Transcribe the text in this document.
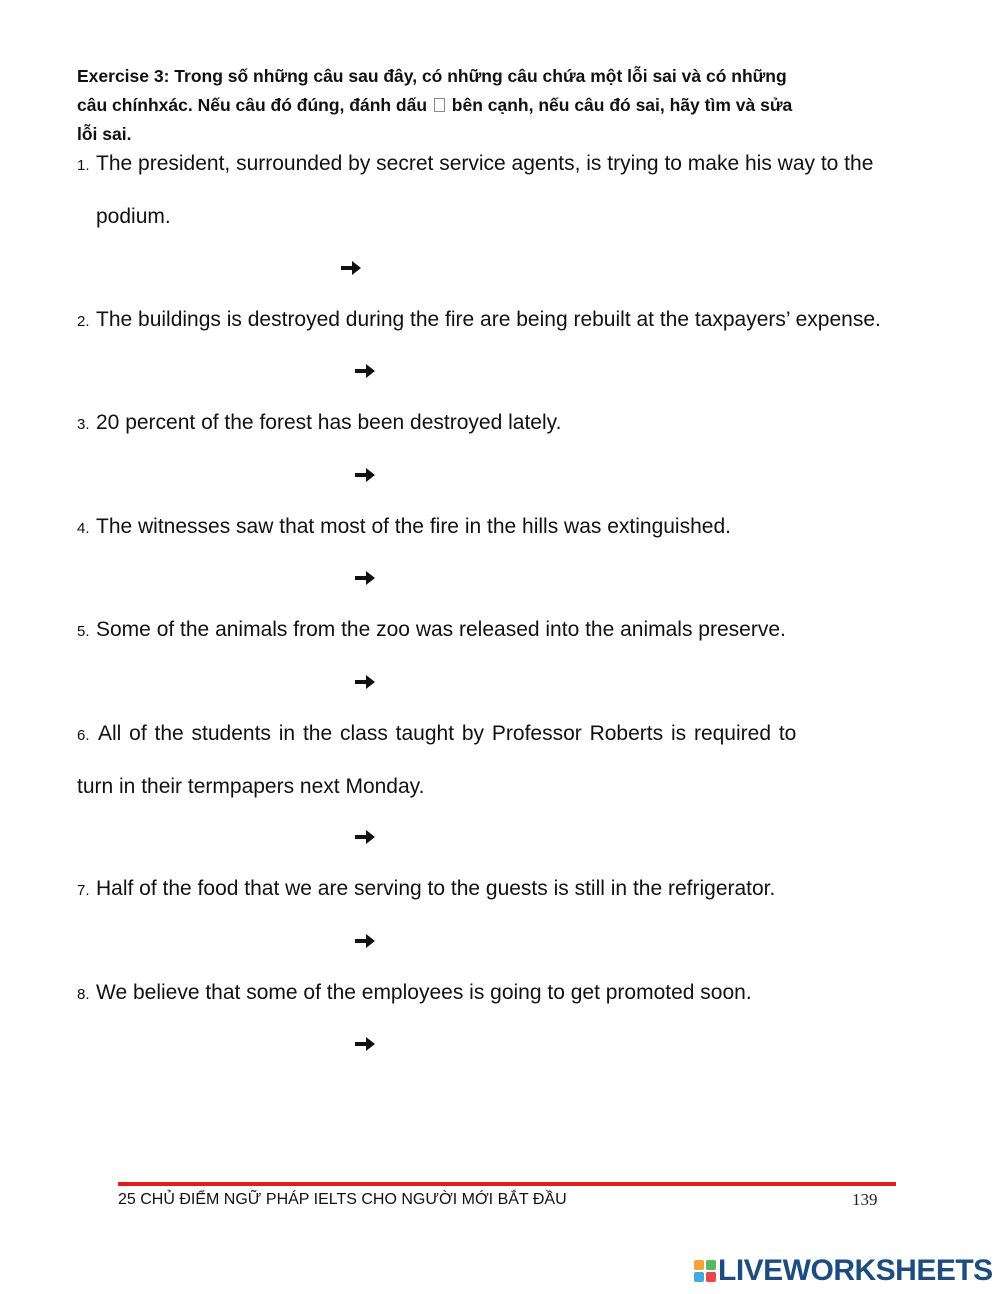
Exercise 3: Trong số những câu sau đây, có những câu chứa một lỗi sai và có những
câu chínhxác. Nếu câu đó đúng, đánh dấu bên cạnh, nếu câu đó sai, hãy tìm và sửa
lỗi sai.
1. The president, surrounded by secret service agents, is trying to make his way to the
podium.
2. The buildings is destroyed during the fire are being rebuilt at the taxpayers’ expense.
3. 20 percent of the forest has been destroyed lately.
4. The witnesses saw that most of the fire in the hills was extinguished.
5. Some of the animals from the zoo was released into the animals preserve.
6. All of the students in the class taught by Professor Roberts is required to
turn in their termpapers next Monday.
7. Half of the food that we are serving to the guests is still in the refrigerator.
8. We believe that some of the employees is going to get promoted soon.
25 CHỦ ĐIỂM NGỮ PHÁP IELTS CHO NGƯỜI MỚI BẮT ĐẦU	139
LIVEWORKSHEETS
